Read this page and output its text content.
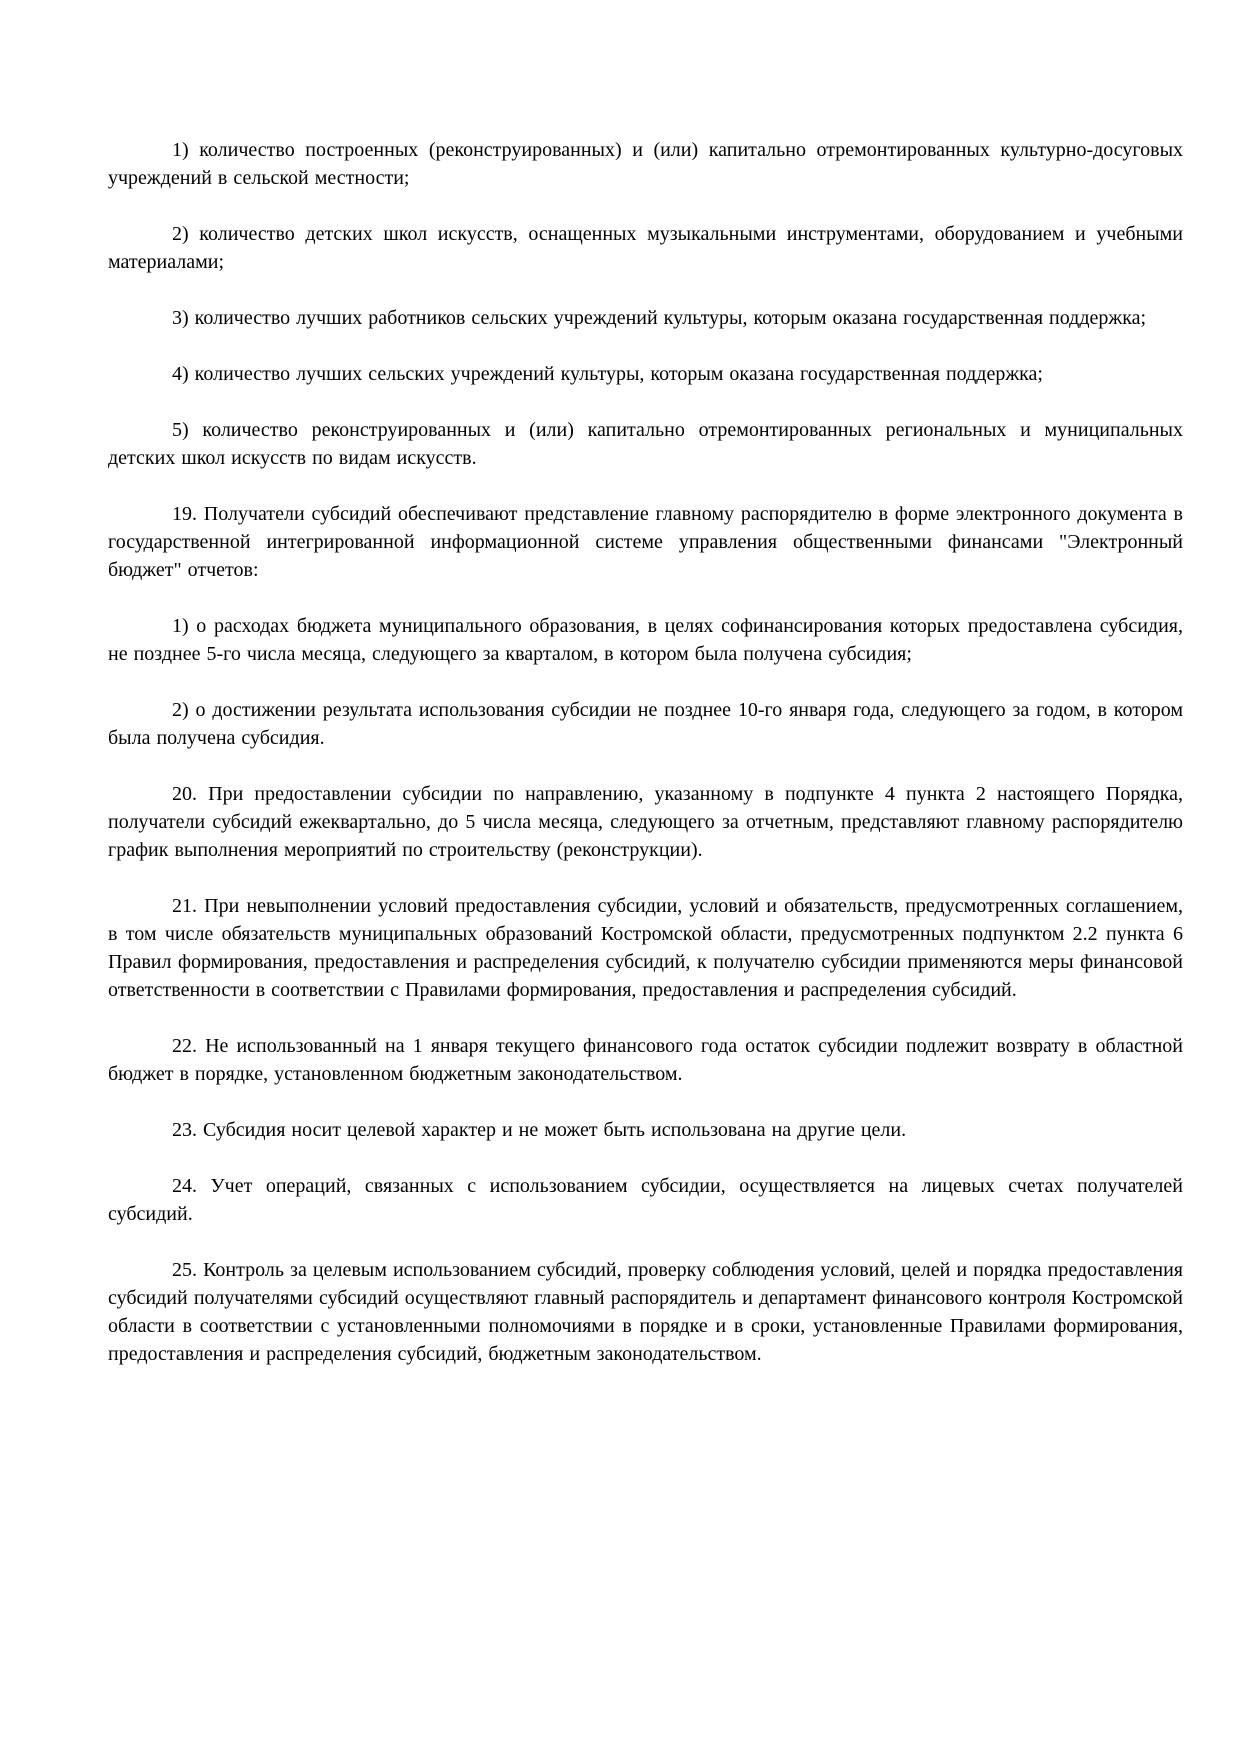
1) количество построенных (реконструированных) и (или) капитально отремонтированных культурно-досуговых учреждений в сельской местности;

2) количество детских школ искусств, оснащенных музыкальными инструментами, оборудованием и учебными материалами;

3) количество лучших работников сельских учреждений культуры, которым оказана государственная поддержка;

4) количество лучших сельских учреждений культуры, которым оказана государственная поддержка;

5) количество реконструированных и (или) капитально отремонтированных региональных и муниципальных детских школ искусств по видам искусств.

19. Получатели субсидий обеспечивают представление главному распорядителю в форме электронного документа в государственной интегрированной информационной системе управления общественными финансами "Электронный бюджет" отчетов:

1) о расходах бюджета муниципального образования, в целях софинансирования которых предоставлена субсидия, не позднее 5-го числа месяца, следующего за кварталом, в котором была получена субсидия;

2) о достижении результата использования субсидии не позднее 10-го января года, следующего за годом, в котором была получена субсидия.

20. При предоставлении субсидии по направлению, указанному в подпункте 4 пункта 2 настоящего Порядка, получатели субсидий ежеквартально, до 5 числа месяца, следующего за отчетным, представляют главному распорядителю график выполнения мероприятий по строительству (реконструкции).

21. При невыполнении условий предоставления субсидии, условий и обязательств, предусмотренных соглашением, в том числе обязательств муниципальных образований Костромской области, предусмотренных подпунктом 2.2 пункта 6 Правил формирования, предоставления и распределения субсидий, к получателю субсидии применяются меры финансовой ответственности в соответствии с Правилами формирования, предоставления и распределения субсидий.

22. Не использованный на 1 января текущего финансового года остаток субсидии подлежит возврату в областной бюджет в порядке, установленном бюджетным законодательством.

23. Субсидия носит целевой характер и не может быть использована на другие цели.

24. Учет операций, связанных с использованием субсидии, осуществляется на лицевых счетах получателей субсидий.

25. Контроль за целевым использованием субсидий, проверку соблюдения условий, целей и порядка предоставления субсидий получателями субсидий осуществляют главный распорядитель и департамент финансового контроля Костромской области в соответствии с установленными полномочиями в порядке и в сроки, установленные Правилами формирования, предоставления и распределения субсидий, бюджетным законодательством.
